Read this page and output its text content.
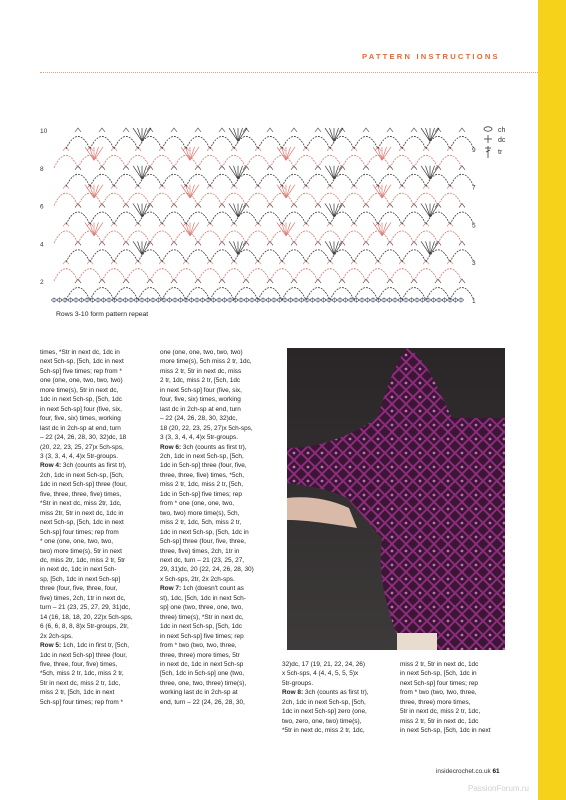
PATTERN INSTRUCTIONS
2
3
4
5
6
7
8
9
10
1
ch
dc
tr
Rows 3-10 form pattern repeat
times, *Str in next dc, 1dc in
next 5ch-sp, [5ch, 1dc in next
5ch-sp] five times; rep from *
one (one, one, two, two, two)
more time(s), 5tr in next dc,
1dc in next 5ch-sp, [5ch, 1dc
in next 5ch-sp] four (five, six,
four, five, six) times, working
last dc in 2ch-sp at end, turn
– 22 (24, 26, 28, 30, 32)dc, 18
(20, 22, 23, 25, 27)x 5ch-sps,
3 (3, 3, 4, 4, 4)x 5tr-groups.
Row 4: 3ch (counts as first tr),
2ch, 1dc in next 5ch-sp, [5ch,
1dc in next 5ch-sp] three (four,
five, three, three, five) times,
*Str in next dc, miss 2tr, 1dc,
miss 2tr, 5tr in next dc, 1dc in
next 5ch-sp, [5ch, 1dc in next
5ch-sp] four times; rep from
* one (one, one, two, two,
two) more time(s), 5tr in next
dc, miss 2tr, 1dc, miss 2 tr, 5tr
in next dc, 1dc in next 5ch-
sp, [5ch, 1dc in next 5ch-sp]
three (four, five, three, four,
five) times, 2ch, 1tr in next dc,
turn – 21 (23, 25, 27, 29, 31)dc,
14 (16, 18, 18, 20, 22)x 5ch-sps,
6 (6, 6, 8, 8, 8)x 5tr-groups, 2tr,
2x 2ch-sps.
Row 5: 1ch, 1dc in first tr, [5ch,
1dc in next 5ch-sp] three (four,
five, three, four, five) times,
*5ch, miss 2 tr, 1dc, miss 2 tr,
5tr in next dc, miss 2 tr, 1dc,
miss 2 tr, [5ch, 1dc in next
5ch-sp] four times; rep from *
one (one, one, two, two, two)
more time(s), 5ch miss 2 tr, 1dc,
miss 2 tr, 5tr in next dc, miss
2 tr, 1dc, miss 2 tr, [5ch, 1dc
in next 5ch-sp] four (five, six,
four, five, six) times, working
last dc in 2ch-sp at end, turn
– 22 (24, 26, 28, 30, 32)dc,
18 (20, 22, 23, 25, 27)x 5ch-sps,
3 (3, 3, 4, 4, 4)x 5tr-groups.
Row 6: 3ch (counts as first tr),
2ch, 1dc in next 5ch-sp, [5ch,
1dc in 5ch-sp] three (four, five,
three, three, five) times, *5ch,
miss 2 tr, 1dc, miss 2 tr, [5ch,
1dc in 5ch-sp] five times; rep
from * one (one, one, two,
two, two) more time(s), 5ch,
miss 2 tr, 1dc, 5ch, miss 2 tr,
1dc in next 5ch-sp, [5ch, 1dc in
5ch-sp] three (four, five, three,
three, five) times, 2ch, 1tr in
next dc, turn – 21 (23, 25, 27,
29, 31)dc, 20 (22, 24, 26, 28, 30)
x 5ch-sps, 2tr, 2x 2ch-sps.
Row 7: 1ch (doesn't count as
st), 1dc, [5ch, 1dc in next 5ch-
sp] one (two, three, one, two,
three) time(s), *Str in next dc,
1dc in next 5ch-sp, [5ch, 1dc
in next 5ch-sp] five times; rep
from * two (two, two, three,
three, three) more times, 5tr
in next dc, 1dc in next 5ch-sp
[5ch, 1dc in 5ch-sp] one (two,
three, one, two, three) time(s),
working last dc in 2ch-sp at
end, turn – 22 (24, 26, 28, 30,
32)dc, 17 (19, 21, 22, 24, 26)
x 5ch-sps, 4 (4, 4, 5, 5, 5)x
5tr-groups.
Row 8: 3ch (counts as first tr),
2ch, 1dc in next 5ch-sp, [5ch,
1dc in next 5ch-sp] zero (one,
two, zero, one, two) time(s),
*5tr in next dc, miss 2 tr, 1dc,
miss 2 tr, 5tr in next dc, 1dc
in next 5ch-sp, [5ch, 1dc in
next 5ch-sp] four times; rep
from * two (two, two, three,
three, three) more times,
5tr in next dc, miss 2 tr, 1dc,
miss 2 tr, 5tr in next dc, 1dc
in next 5ch-sp, [5ch, 1dc in next
insidecrochet.co.uk 61
PassionForum.ru
